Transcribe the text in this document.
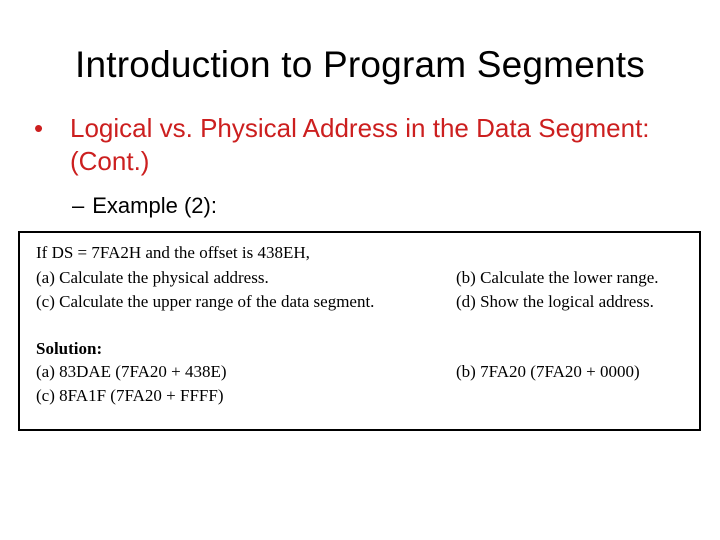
Introduction to Program Segments
• Logical vs. Physical Address in the Data Segment: (Cont.)
– Example (2):
If DS = 7FA2H and the offset is 438EH,
(a) Calculate the physical address.	(b) Calculate the lower range.
(c) Calculate the upper range of the data segment.	(d) Show the logical address.
Solution:
(a) 83DAE (7FA20 + 438E)	(b) 7FA20 (7FA20 + 0000)
(c) 8FA1F (7FA20 + FFFF)
